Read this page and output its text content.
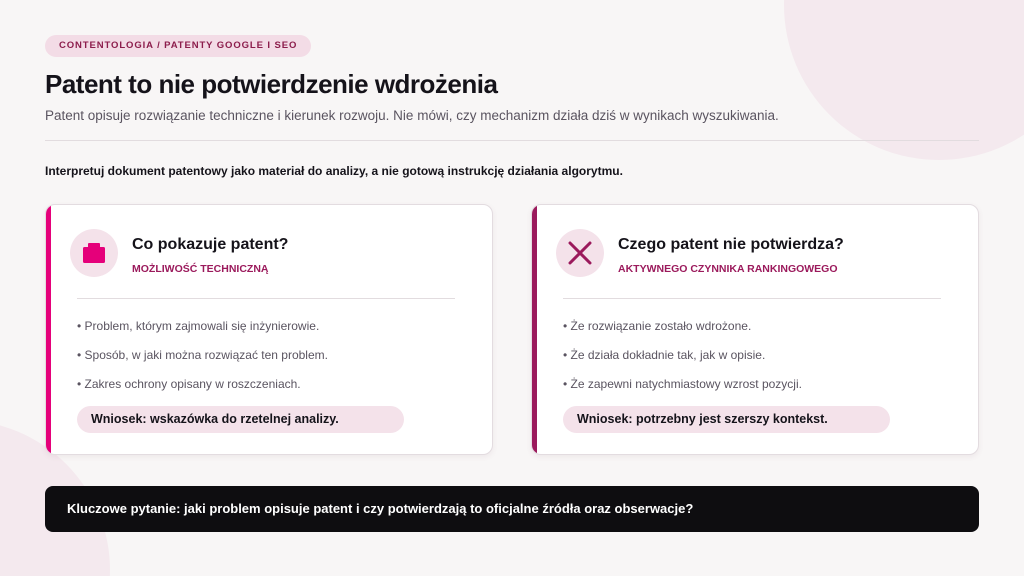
CONTENTOLOGIA / PATENTY GOOGLE I SEO
Patent to nie potwierdzenie wdrożenia

Patent opisuje rozwiązanie techniczne i kierunek rozwoju. Nie mówi, czy mechanizm działa dziś w wynikach wyszukiwania.

Interpretuj dokument patentowy jako materiał do analizy, a nie gotową instrukcję działania algorytmu.

Co pokazuje patent?
MOŻLIWOŚĆ TECHNICZNĄ
• Problem, którym zajmowali się inżynierowie.
• Sposób, w jaki można rozwiązać ten problem.
• Zakres ochrony opisany w roszczeniach.
Wniosek: wskazówka do rzetelnej analizy.
Czego patent nie potwierdza?
AKTYWNEGO CZYNNIKA RANKINGOWEGO
• Że rozwiązanie zostało wdrożone.
• Że działa dokładnie tak, jak w opisie.
• Że zapewni natychmiastowy wzrost pozycji.
Wniosek: potrzebny jest szerszy kontekst.
Kluczowe pytanie: jaki problem opisuje patent i czy potwierdzają to oficjalne źródła oraz obserwacje?
